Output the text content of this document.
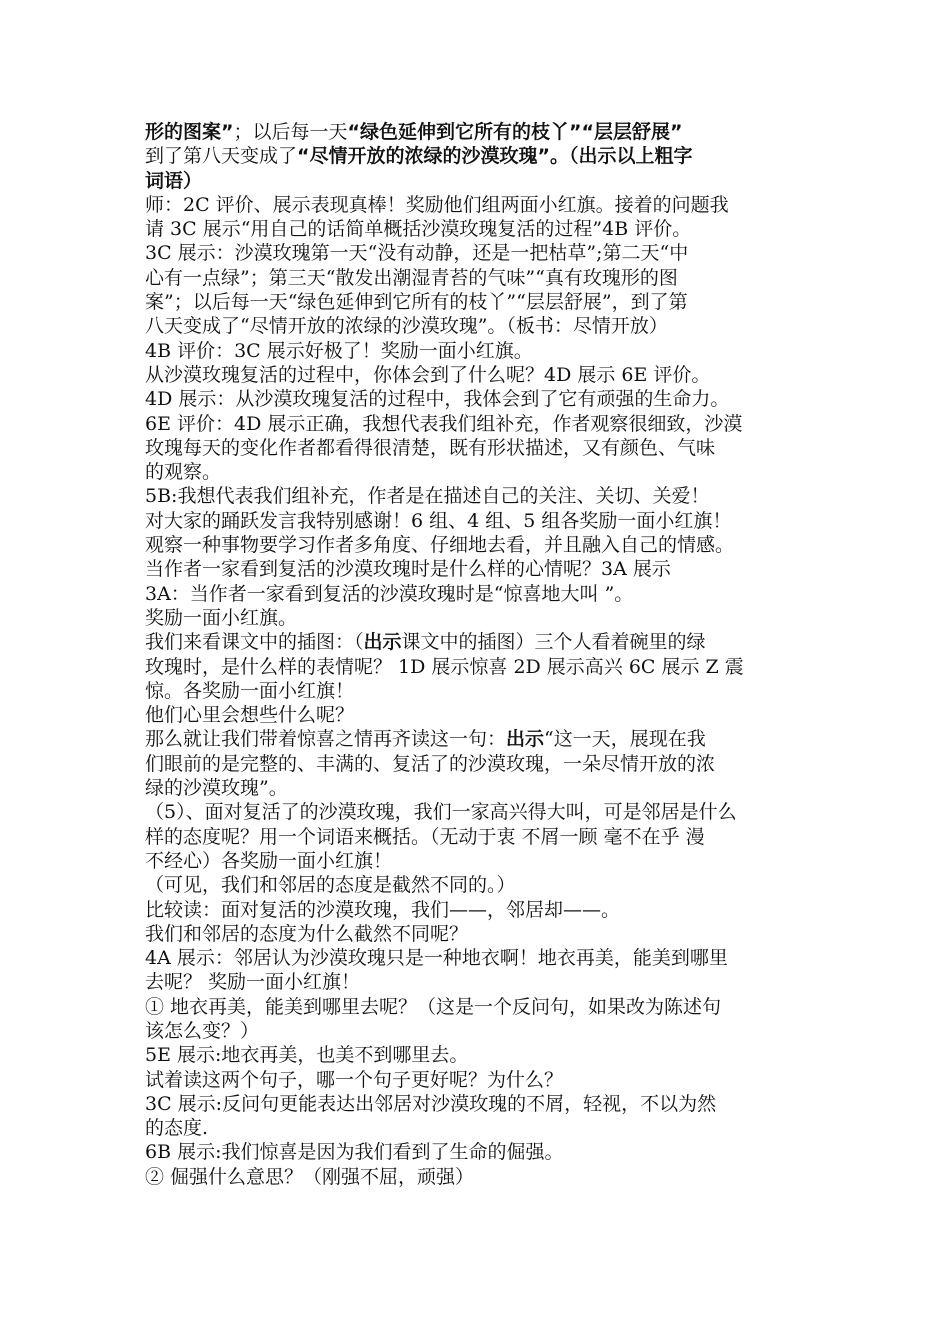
形的图案”；以后每一天“绿色延伸到它所有的枝丫”“层层舒展”
到了第八天变成了“尽情开放的浓绿的沙漠玫瑰”。（出示以上粗字
词语）
师：2C 评价、展示表现真棒！奖励他们组两面小红旗。接着的问题我
请 3C 展示“用自己的话简单概括沙漠玫瑰复活的过程”4B 评价。
3C 展示：沙漠玫瑰第一天“没有动静，还是一把枯草”;第二天“中
心有一点绿”；第三天“散发出潮湿青苔的气味”“真有玫瑰形的图
案”；以后每一天“绿色延伸到它所有的枝丫”“层层舒展”，到了第
八天变成了“尽情开放的浓绿的沙漠玫瑰”。（板书：尽情开放）
4B 评价：3C 展示好极了！奖励一面小红旗。
从沙漠玫瑰复活的过程中，你体会到了什么呢？4D 展示 6E 评价。
4D 展示：从沙漠玫瑰复活的过程中，我体会到了它有顽强的生命力。
6E 评价：4D 展示正确，我想代表我们组补充，作者观察很细致，沙漠
玫瑰每天的变化作者都看得很清楚，既有形状描述，又有颜色、气味
的观察。
5B:我想代表我们组补充，作者是在描述自己的关注、关切、关爱！
对大家的踊跃发言我特别感谢！6 组、4 组、5 组各奖励一面小红旗！
观察一种事物要学习作者多角度、仔细地去看，并且融入自己的情感。
当作者一家看到复活的沙漠玫瑰时是什么样的心情呢？3A 展示
3A：当作者一家看到复活的沙漠玫瑰时是“惊喜地大叫 ”。
奖励一面小红旗。
我们来看课文中的插图：（出示课文中的插图）三个人看着碗里的绿
玫瑰时，是什么样的表情呢？ 1D 展示惊喜 2D 展示高兴 6C 展示 Z 震
惊。各奖励一面小红旗！
他们心里会想些什么呢？
那么就让我们带着惊喜之情再齐读这一句：出示“这一天，展现在我
们眼前的是完整的、丰满的、复活了的沙漠玫瑰，一朵尽情开放的浓
绿的沙漠玫瑰”。
（5）、面对复活了的沙漠玫瑰，我们一家高兴得大叫，可是邻居是什么
样的态度呢？用一个词语来概括。（无动于衷 不屑一顾 毫不在乎 漫
不经心）各奖励一面小红旗！
（可见，我们和邻居的态度是截然不同的。）
比较读：面对复活的沙漠玫瑰，我们——，邻居却——。
我们和邻居的态度为什么截然不同呢？
4A 展示：邻居认为沙漠玫瑰只是一种地衣啊！地衣再美，能美到哪里
去呢？ 奖励一面小红旗！
① 地衣再美，能美到哪里去呢？（这是一个反问句，如果改为陈述句
该怎么变？）
5E 展示:地衣再美，也美不到哪里去。
试着读这两个句子，哪一个句子更好呢？为什么？
3C 展示:反问句更能表达出邻居对沙漠玫瑰的不屑，轻视，不以为然
的态度.
6B 展示:我们惊喜是因为我们看到了生命的倔强。
② 倔强什么意思？（刚强不屈，顽强）
